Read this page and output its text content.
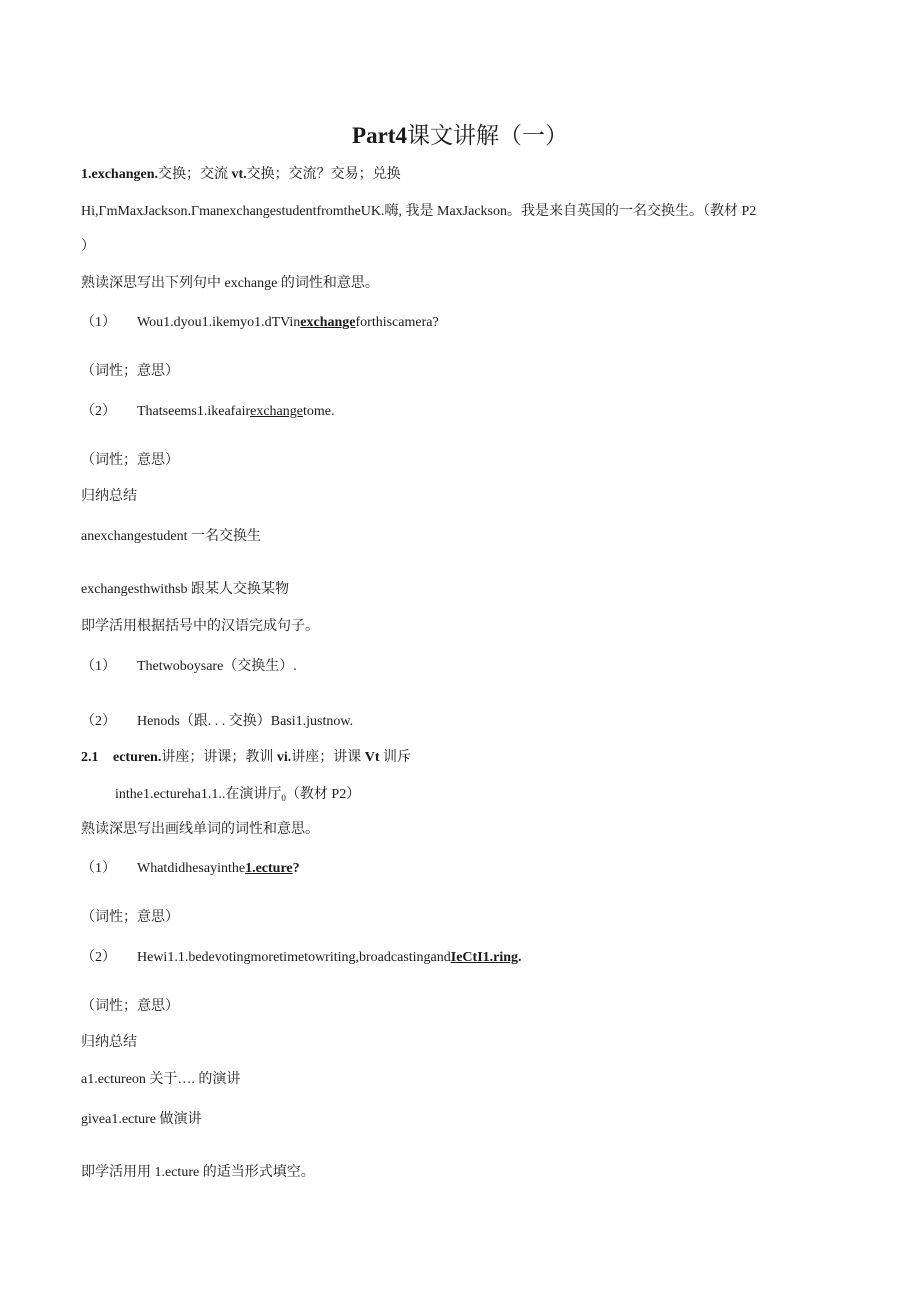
Part4课文讲解（一）
1.exchangen.交换；交流 vt.交换；交流？交易；兑换
Hi,ΓmMaxJackson.ΓmanexchangestudentfromtheUK.嗨, 我是 MaxJackson。我是来自英国的一名交换生。（教材 P2
）
熟读深思写出下列句中 exchange 的词性和意思。
（1） Wou1.dyou1.ikemyo1.dTVinexchangeforthiscamera?
（词性；意思）
（2） Thatseems1.ikeafairexchangetome.
（词性；意思）
归纳总结
anexchangestudent 一名交换生
exchangesthwithsb 跟某人交换某物
即学活用根据括号中的汉语完成句子。
（1） Thetwoboysare（交换生）.
（2） Henods（跟. . . 交换）Basi1.justnow.
2.1 ecturen.讲座；讲课；教训 vi.讲座；讲课 Vt 训斥
inthe1.ectureha1.1..在演讲厅$_0$（教材 P2）
熟读深思写出画线单词的词性和意思。
（1） Whatdidhesayinthe1.ecture?
（词性；意思）
（2） Hewi1.1.bedevotingmoretimetowriting,broadcastingandIeCtI1.ring.
（词性；意思）
归纳总结
a1.ectureon 关于…. 的演讲
givea1.ecture 做演讲
即学活用用 1.ecture 的适当形式填空。
